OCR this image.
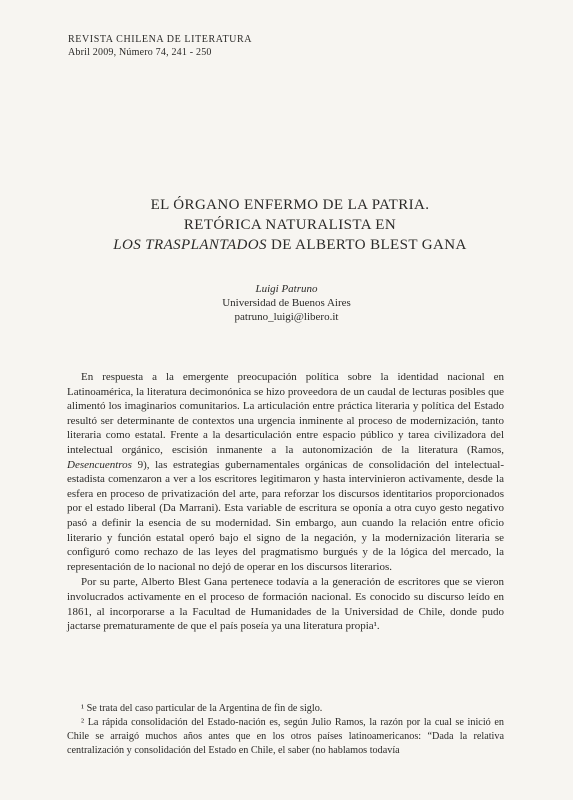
REVISTA CHILENA DE LITERATURA
Abril 2009, Número 74, 241 - 250
EL ÓRGANO ENFERMO DE LA PATRIA.
RETÓRICA NATURALISTA EN
LOS TRASPLANTADOS DE ALBERTO BLEST GANA
Luigi Patruno
Universidad de Buenos Aires
patruno_luigi@libero.it

En respuesta a la emergente preocupación política sobre la identidad nacional en Latinoamérica, la literatura decimonónica se hizo proveedora de un caudal de lecturas posibles que alimentó los imaginarios comunitarios. La articulación entre práctica literaria y política del Estado resultó ser determinante de contextos una urgencia inminente al proceso de modernización, tanto literaria como estatal. Frente a la desarticulación entre espacio público y tarea civilizadora del intelectual orgánico, escisión inmanente a la autonomización de la literatura (Ramos, Desencuentros 9), las estrategias gubernamentales orgánicas de consolidación del intelectual-estadista comenzaron a ver a los escritores legitimaron y hasta intervinieron activamente, desde la esfera en proceso de privatización del arte, para reforzar los discursos identitarios proporcionados por el estado liberal (Da Marrani). Esta variable de escritura se oponía a otra cuyo gesto negativo pasó a definir la esencia de su modernidad. Sin embargo, aun cuando la relación entre oficio literario y función estatal operó bajo el signo de la negación, y la modernización literaria se configuró como rechazo de las leyes del pragmatismo burgués y de la lógica del mercado, la representación de lo nacional no dejó de operar en los discursos literarios.

Por su parte, Alberto Blest Gana pertenece todavía a la generación de escritores que se vieron involucrados activamente en el proceso de formación nacional. Es conocido su discurso leído en 1861, al incorporarse a la Facultad de Humanidades de la Universidad de Chile, donde pudo jactarse prematuramente de que el país poseía ya una literatura propia¹.

¹ Se trata del caso particular de la Argentina de fin de siglo.

² La rápida consolidación del Estado-nación es, según Julio Ramos, la razón por la cual se inició en Chile se arraigó muchos años antes que en los otros países latinoamericanos: “Dada la relativa centralización y consolidación del Estado en Chile, el saber (no hablamos todavía
